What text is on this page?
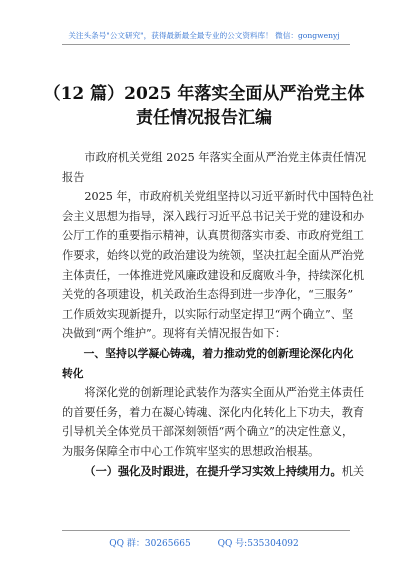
关注头条号"公文研究"，获得最新最全最专业的公文资料库！ 微信：gongwenyj
（12 篇）2025 年落实全面从严治党主体
责任情况报告汇编
市政府机关党组 2025 年落实全面从严治党主体责任情况
报告
2025 年，市政府机关党组坚持以习近平新时代中国特色社
会主义思想为指导，深入践行习近平总书记关于党的建设和办
公厅工作的重要指示精神，认真贯彻落实市委、市政府党组工
作要求，始终以党的政治建设为统领，坚决扛起全面从严治党
主体责任，一体推进党风廉政建设和反腐败斗争，持续深化机
关党的各项建设，机关政治生态得到进一步净化，“三服务”
工作质效实现新提升，以实际行动坚定捍卫“两个确立”、坚
决做到“两个维护”。现将有关情况报告如下：
一、坚持以学凝心铸魂，着力推动党的创新理论深化内化
转化
将深化党的创新理论武装作为落实全面从严治党主体责任
的首要任务，着力在凝心铸魂、深化内化转化上下功夫，教育
引导机关全体党员干部深刻领悟“两个确立”的决定性意义，
为服务保障全市中心工作筑牢坚实的思想政治根基。
（一）强化及时跟进，在提升学习实效上持续用力。机关
QQ 群：30265665	QQ 号:535304092
